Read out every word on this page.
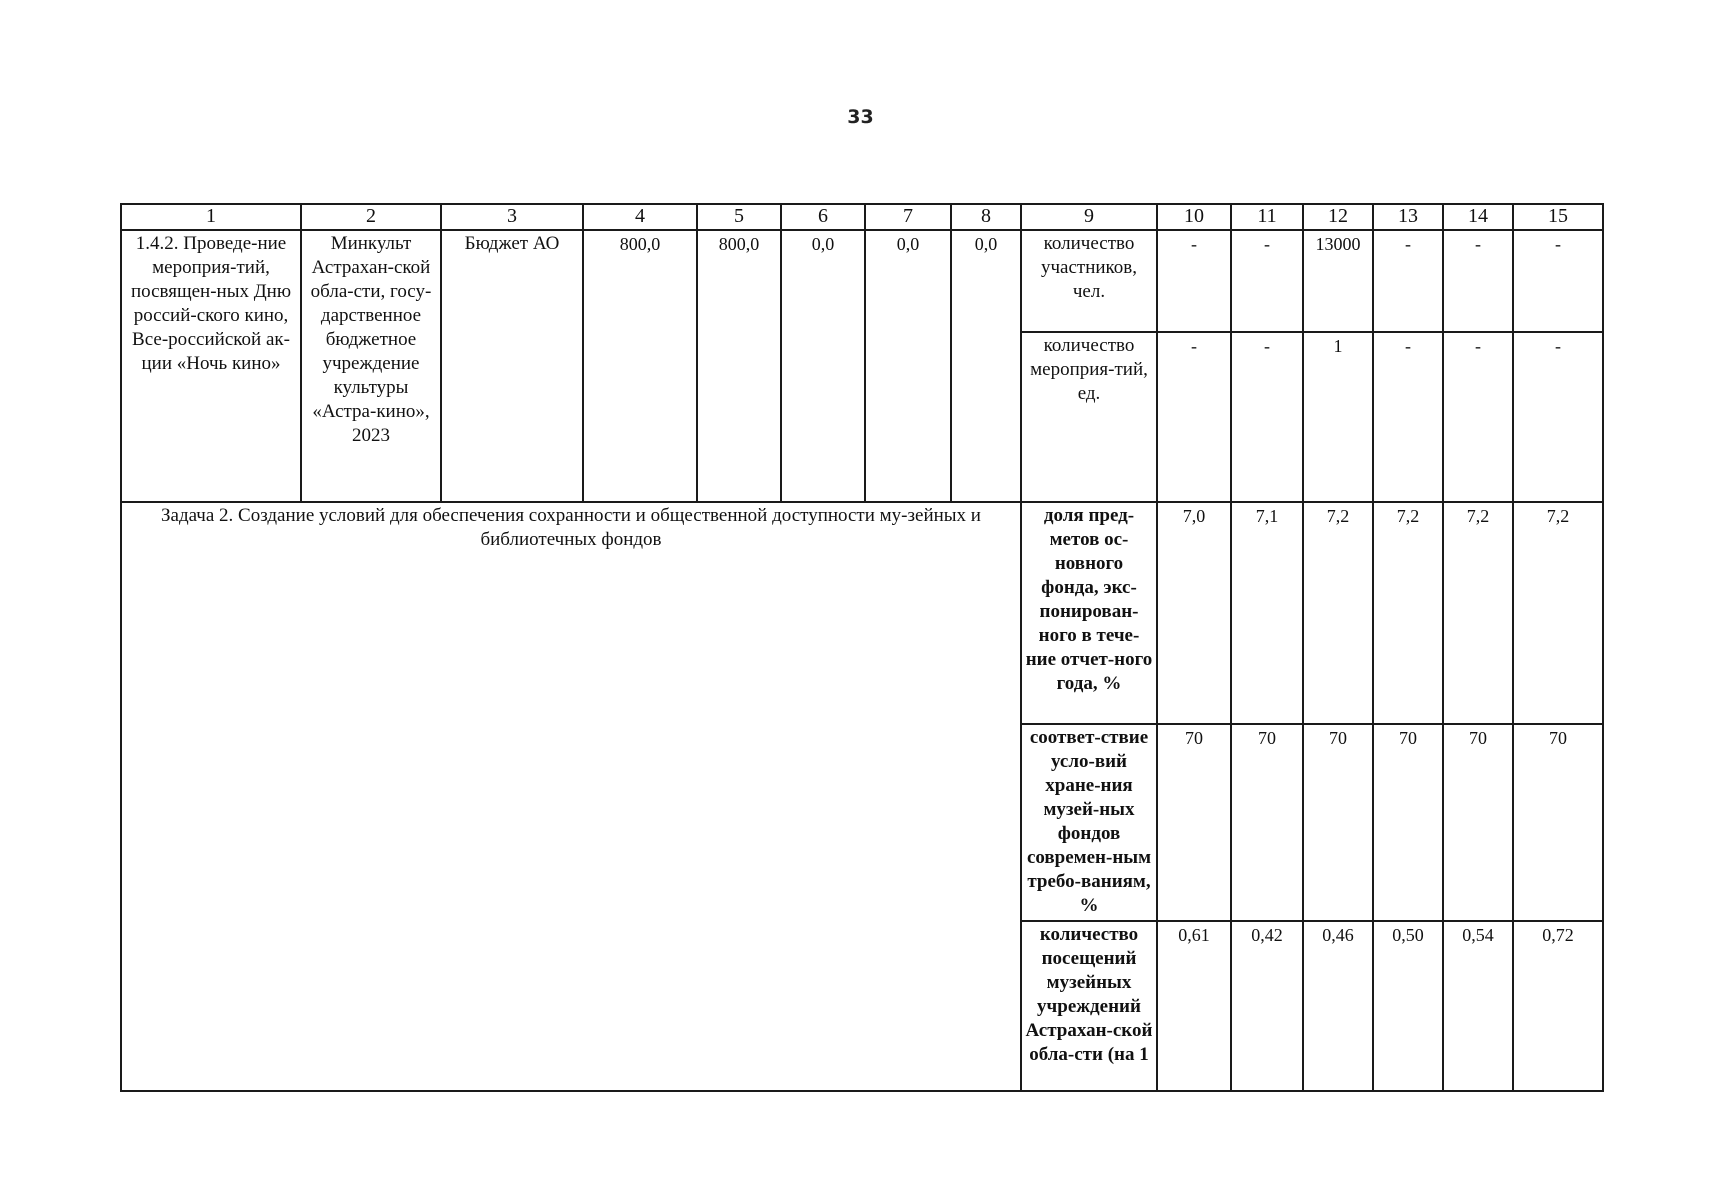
33
1	2	3	4	5	6	7	8	9	10	11	12	13	14	15
1.4.2. Проведе-ние мероприя-тий, посвящен-ных Дню россий-ского кино, Все-российской ак-ции «Ночь кино»	Минкульт Астрахан-ской обла-сти, госу-дарственное бюджетное учреждение культуры «Астра-кино», 2023	Бюджет АО	800,0	800,0	0,0	0,0	0,0	количество участников, чел.	-	-	13000	-	-	-
								количество мероприя-тий, ед.	-	-	1	-	-	-
Задача 2. Создание условий для обеспечения сохранности и общественной доступности му-зейных и библиотечных фондов								доля пред-метов ос-новного фонда, экс-понирован-ного в тече-ние отчет-ного года, %	7,0	7,1	7,2	7,2	7,2	7,2
								соответ-ствие усло-вий хране-ния музей-ных фондов современ-ным требо-ваниям, %	70	70	70	70	70	70
								количество посещений музейных учреждений Астрахан-ской обла-сти (на 1	0,61	0,42	0,46	0,50	0,54	0,72
